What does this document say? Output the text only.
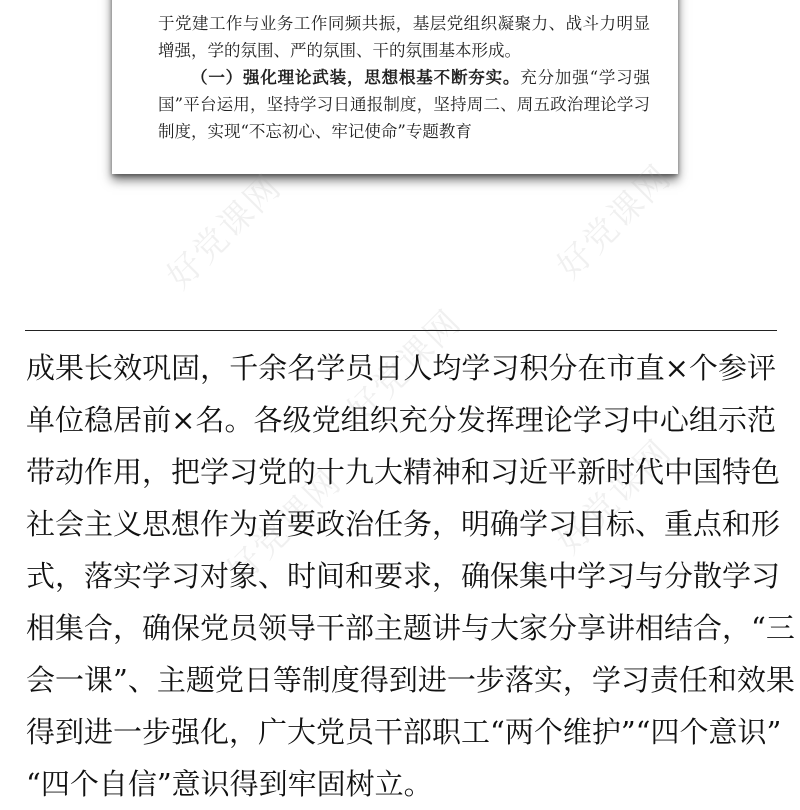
于党建工作与业务工作同频共振，基层党组织凝聚力、战斗力明显增强，学的氛围、严的氛围、干的氛围基本形成。

（一）强化理论武装，思想根基不断夯实。充分加强“学习强国”平台运用，坚持学习日通报制度，坚持周二、周五政治理论学习制度，实现“不忘初心、牢记使命”专题教育

好党课网	好党课网
好党课网
好党课网
好党课网
成果长效巩固，千余名学员日人均学习积分在市直×个参评
单位稳居前×名。各级党组织充分发挥理论学习中心组示范
带动作用，把学习党的十九大精神和习近平新时代中国特色
社会主义思想作为首要政治任务，明确学习目标、重点和形
式，落实学习对象、时间和要求，确保集中学习与分散学习
相集合，确保党员领导干部主题讲与大家分享讲相结合，“三
会一课”、主题党日等制度得到进一步落实，学习责任和效果
得到进一步强化，广大党员干部职工“两个维护”“四个意识”
“四个自信”意识得到牢固树立。
